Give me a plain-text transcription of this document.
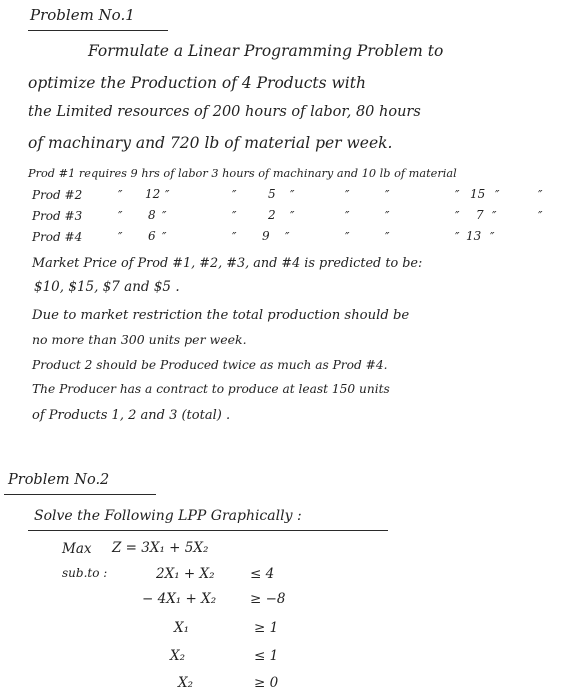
Problem No.1
Formulate a Linear Programming Problem to
optimize the Production of 4 Products with
the Limited resources of 200 hours of labor, 80 hours
of machinary and 720 lb of material per week.
Prod #1 requires 9 hrs of labor 3 hours of machinary and 10 lb of material
Prod #2	″ 12 ″	″	5 ″	″	″	″ 15 ″	″
Prod #3	″ 8 ″	″	2 ″	″	″	″ 7 ″	″
Prod #4	″ 6 ″	″ 9 ″	″	″	″ 13 ″
Market Price of Prod #1, #2, #3, and #4 is predicted to be:
$10, $15, $7 and $5 .
Due to market restriction the total production should be
no more than 300 units per week.
Product 2 should be Produced twice as much as Prod #4.
The Producer has a contract to produce at least 150 units
of Products 1, 2 and 3 (total) .
Problem No.2
Solve the Following LPP Graphically :
Max Z = 3X₁ + 5X₂
sub.to :	2X₁ + X₂	≤ 4
− 4X₁ + X₂	≥ −8
X₁	≥ 1
X₂	≤ 1
X₂	≥ 0
